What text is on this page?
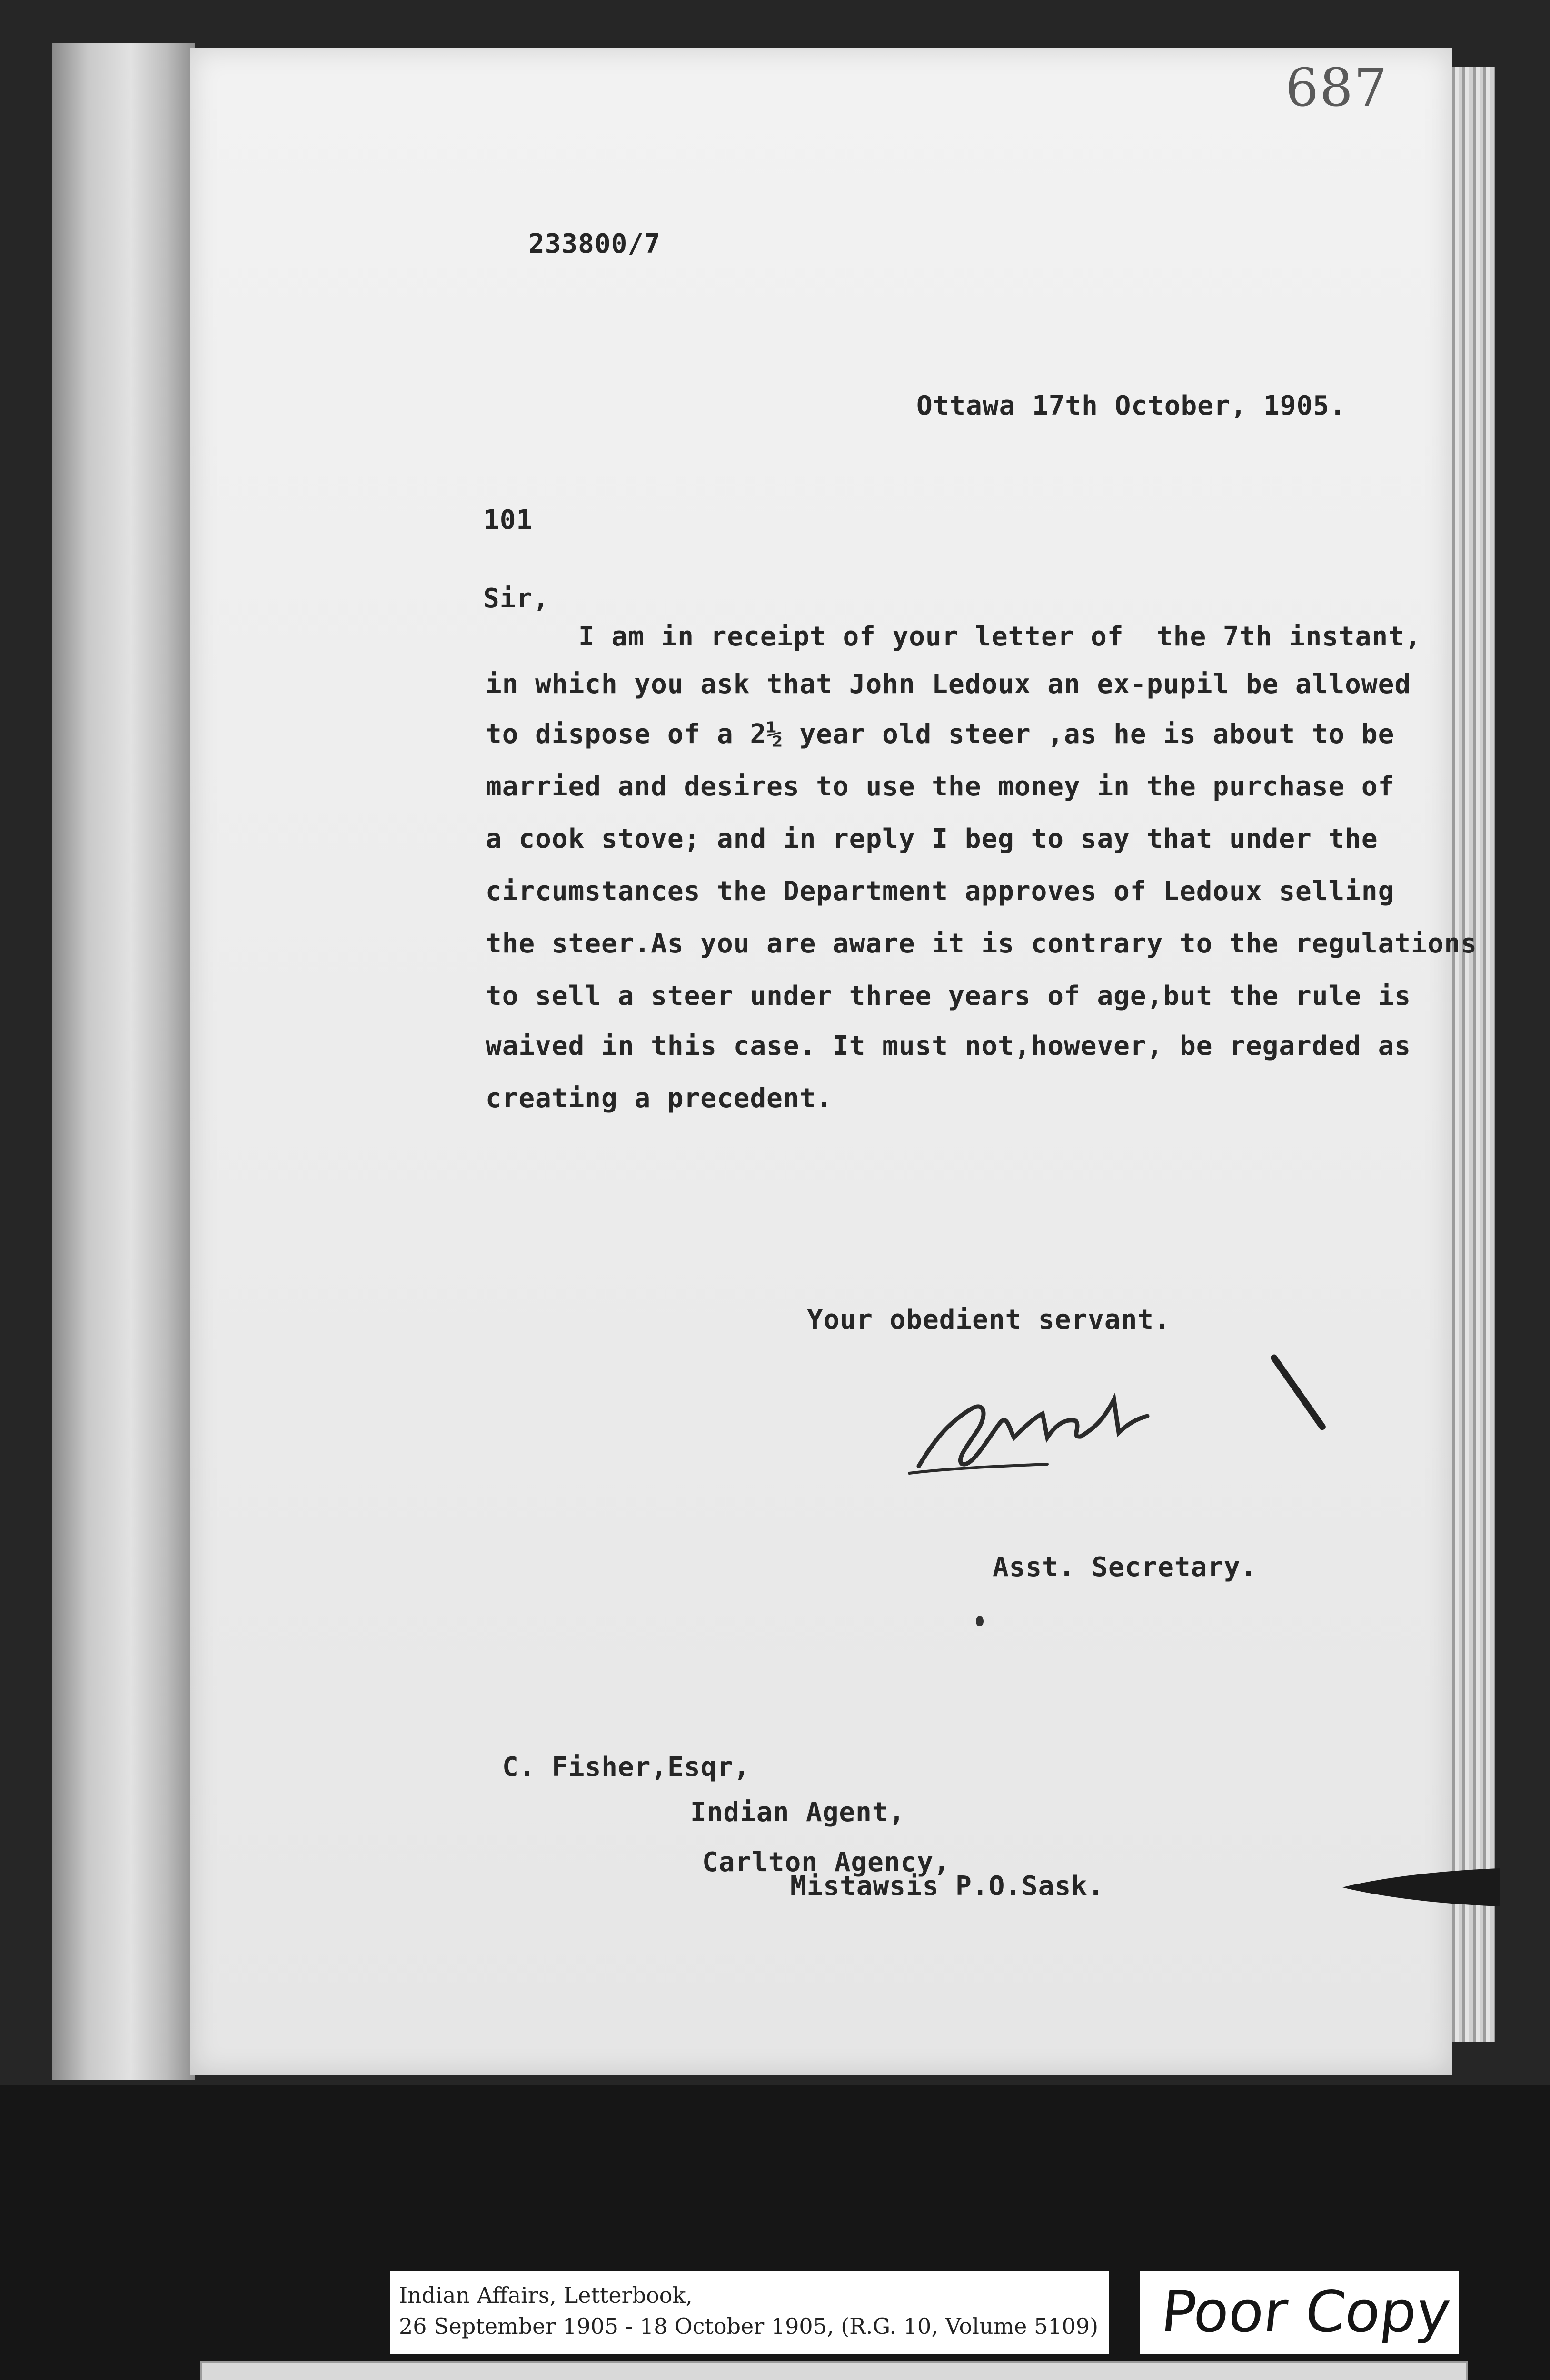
687
233800/7
Ottawa 17th October, 1905.
101
Sir,
I am in receipt of your letter of  the 7th instant,
in which you ask that John Ledoux an ex-pupil be allowed
to dispose of a 2½ year old steer ,as he is about to be
married and desires to use the money in the purchase of
a cook stove; and in reply I beg to say that under the
circumstances the Department approves of Ledoux selling
the steer.As you are aware it is contrary to the regulations
to sell a steer under three years of age,but the rule is
waived in this case. It must not,however, be regarded as
creating a precedent.
Your obedient servant.
Asst. Secretary.
C. Fisher,Esqr,
Indian Agent,
Carlton Agency,
Mistawsis P.O.Sask.
Indian Affairs, Letterbook,
26 September 1905 - 18 October 1905, (R.G. 10, Volume 5109) Poor Copy
